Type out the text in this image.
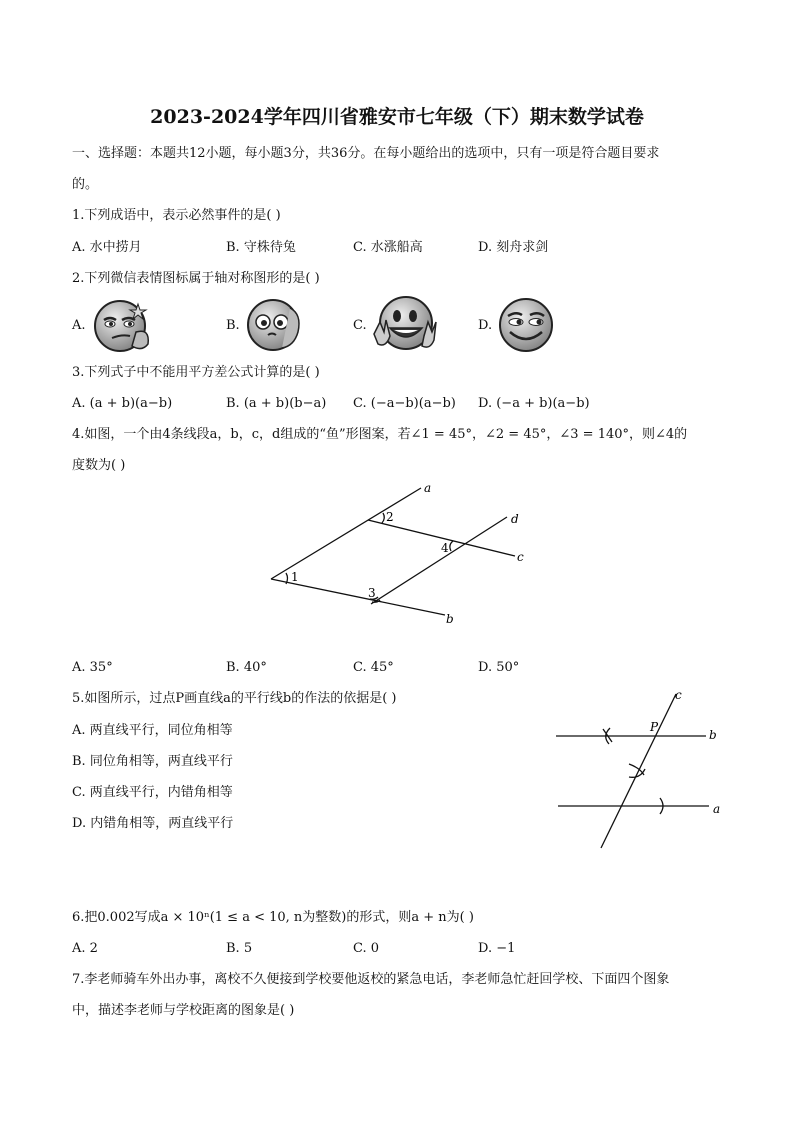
2023-2024学年四川省雅安市七年级（下）期末数学试卷
一、选择题：本题共12小题，每小题3分，共36分。在每小题给出的选项中，只有一项是符合题目要求
的。
1.下列成语中，表示必然事件的是( )
A. 水中捞月	B. 守株待兔	C. 水涨船高	D. 刻舟求剑
2.下列微信表情图标属于轴对称图形的是( )
A.	B.	C.	D.
3.下列式子中不能用平方差公式计算的是( )
A. (a + b)(a−b)	B. (a + b)(b−a) C. (−a−b)(a−b) D. (−a + b)(a−b)
4.如图，一个由4条线段a，b，c，d组成的“鱼”形图案，若∠1 = 45°，∠2 = 45°，∠3 = 140°，则∠4的
度数为( )
a
b
c
d
1
2
3
4
A. 35°	B. 40°	C. 45°	D. 50°
5.如图所示，过点P画直线a的平行线b的作法的依据是( )
A. 两直线平行，同位角相等
B. 同位角相等，两直线平行
C. 两直线平行，内错角相等
D. 内错角相等，两直线平行
c
P
b
a
6.把0.002写成a × 10ⁿ(1 ≤ a < 10, n为整数)的形式，则a + n为( )
A. 2	B. 5	C. 0	D. −1
7.李老师骑车外出办事，离校不久便接到学校要他返校的紧急电话，李老师急忙赶回学校、下面四个图象
中，描述李老师与学校距离的图象是( )
